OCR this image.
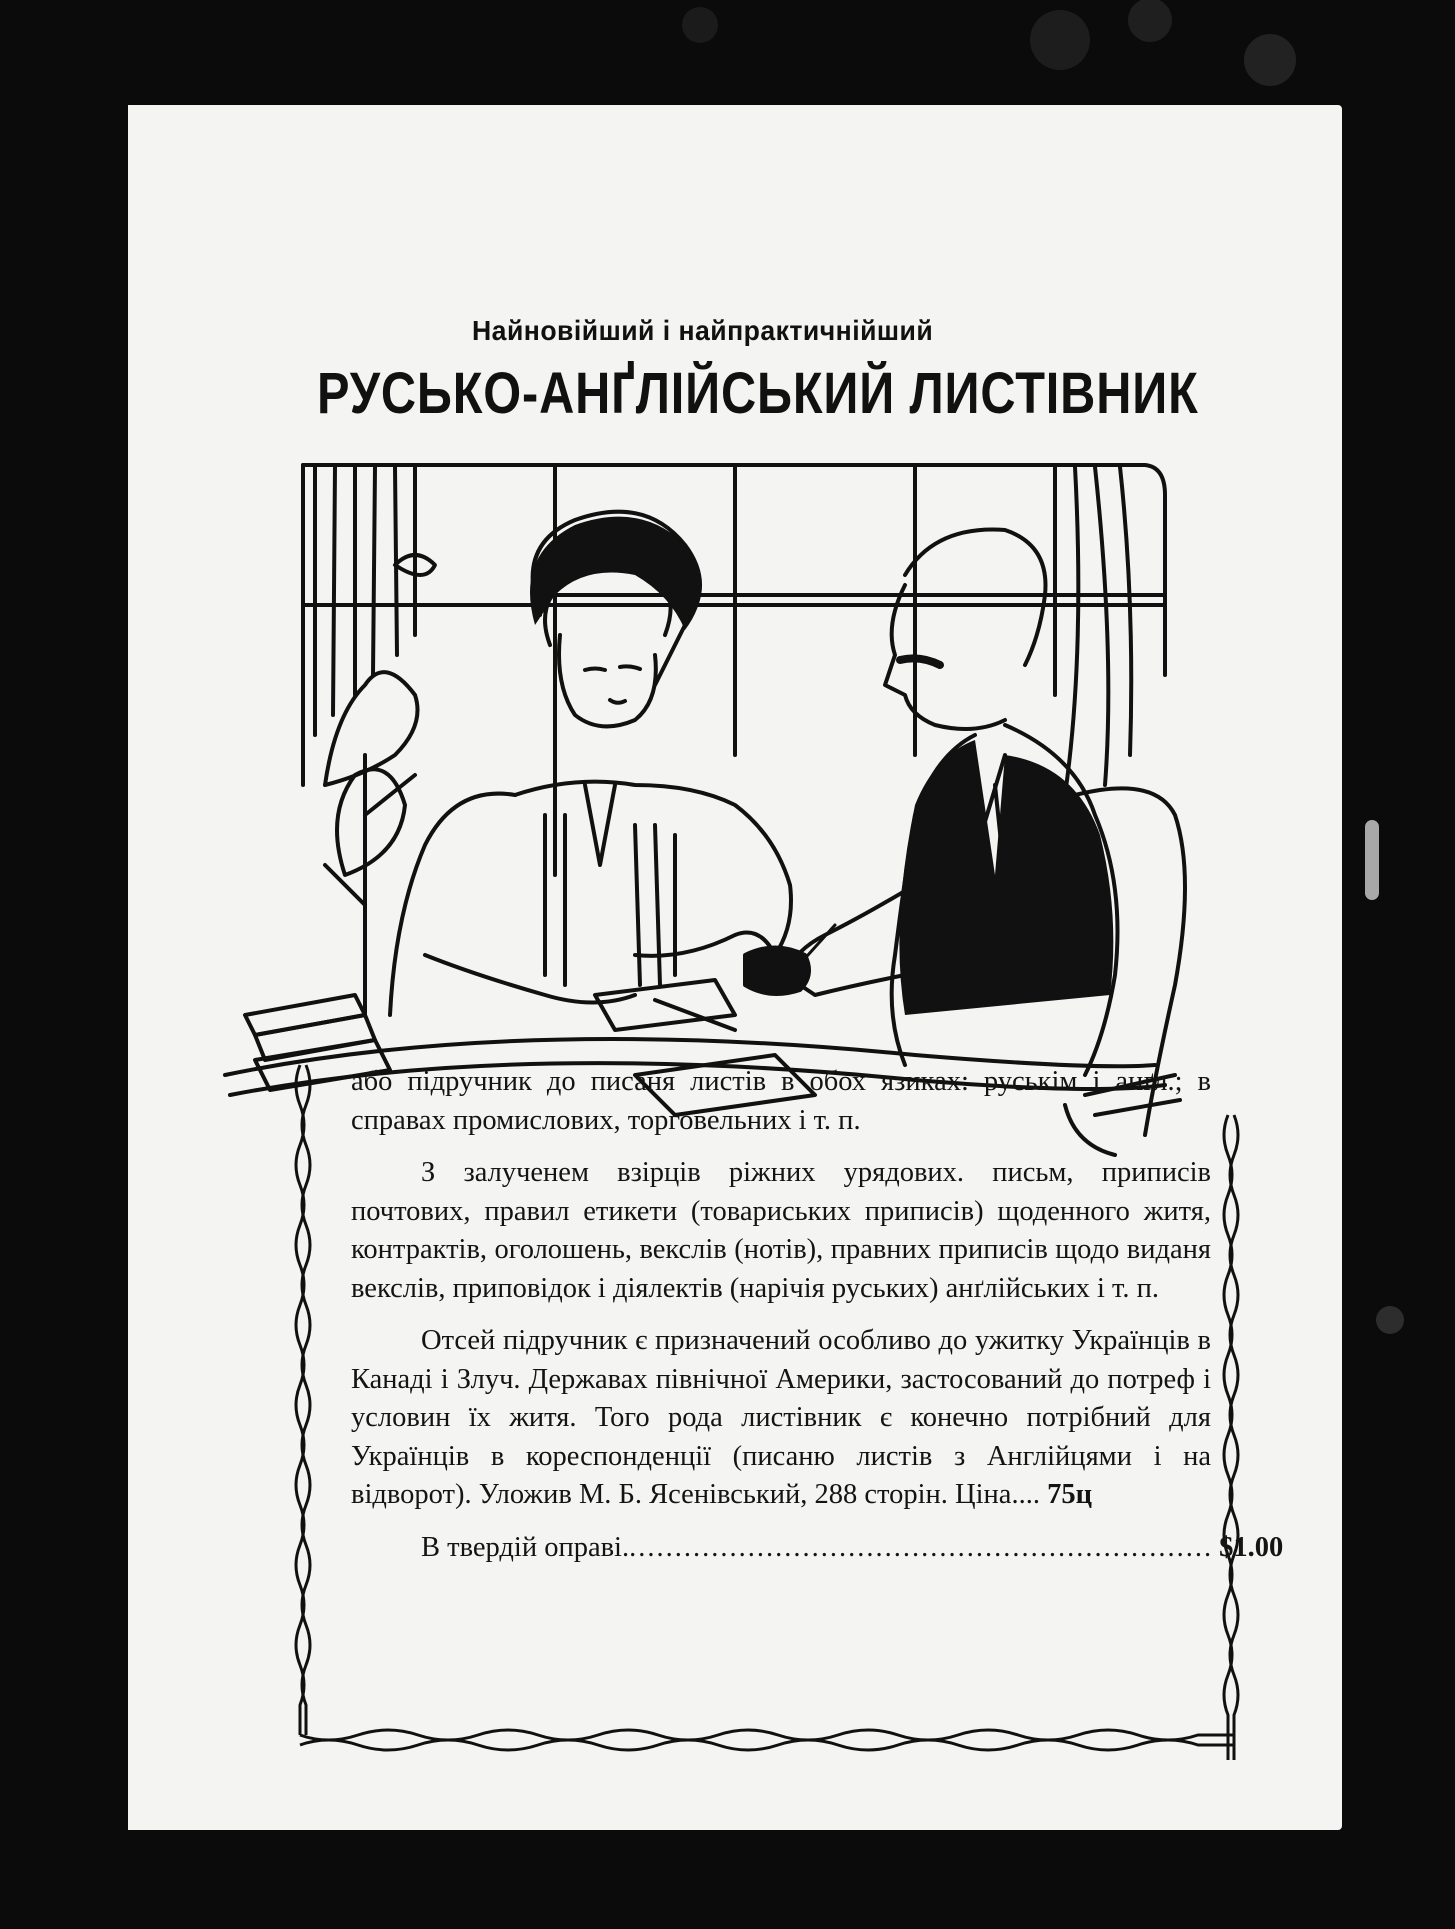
Найновійший і найпрактичнійший
РУСЬКО-АНҐЛІЙСЬКИЙ ЛИСТІВНИК

або підручник до писаня листів в обох язиках: руськім і анґл.; в справах промислових, торговельних і т. п.

З залученем взірців ріжних урядових. письм, приписів почтових, правил етикети (товариських приписів) щоденного житя, контрактів, оголошень, векслів (нотів), правних приписів щодо виданя векслів, приповідок і діялектів (нарічія руських) анґлійських і т. п.

Отсей підручник є призначений особливо до ужитку Українців в Канаді і Злуч. Державах північної Америки, застосований до потреф і условин їх житя. Того рода листівник є конечно потрібний для Українців в кореспонденції (писаню листів з Англійцями і на відворот). Уложив М. Б. Ясенівський, 288 сторін. Ціна.... 75ц

В твердій оправі. ................................................................ $1.00
